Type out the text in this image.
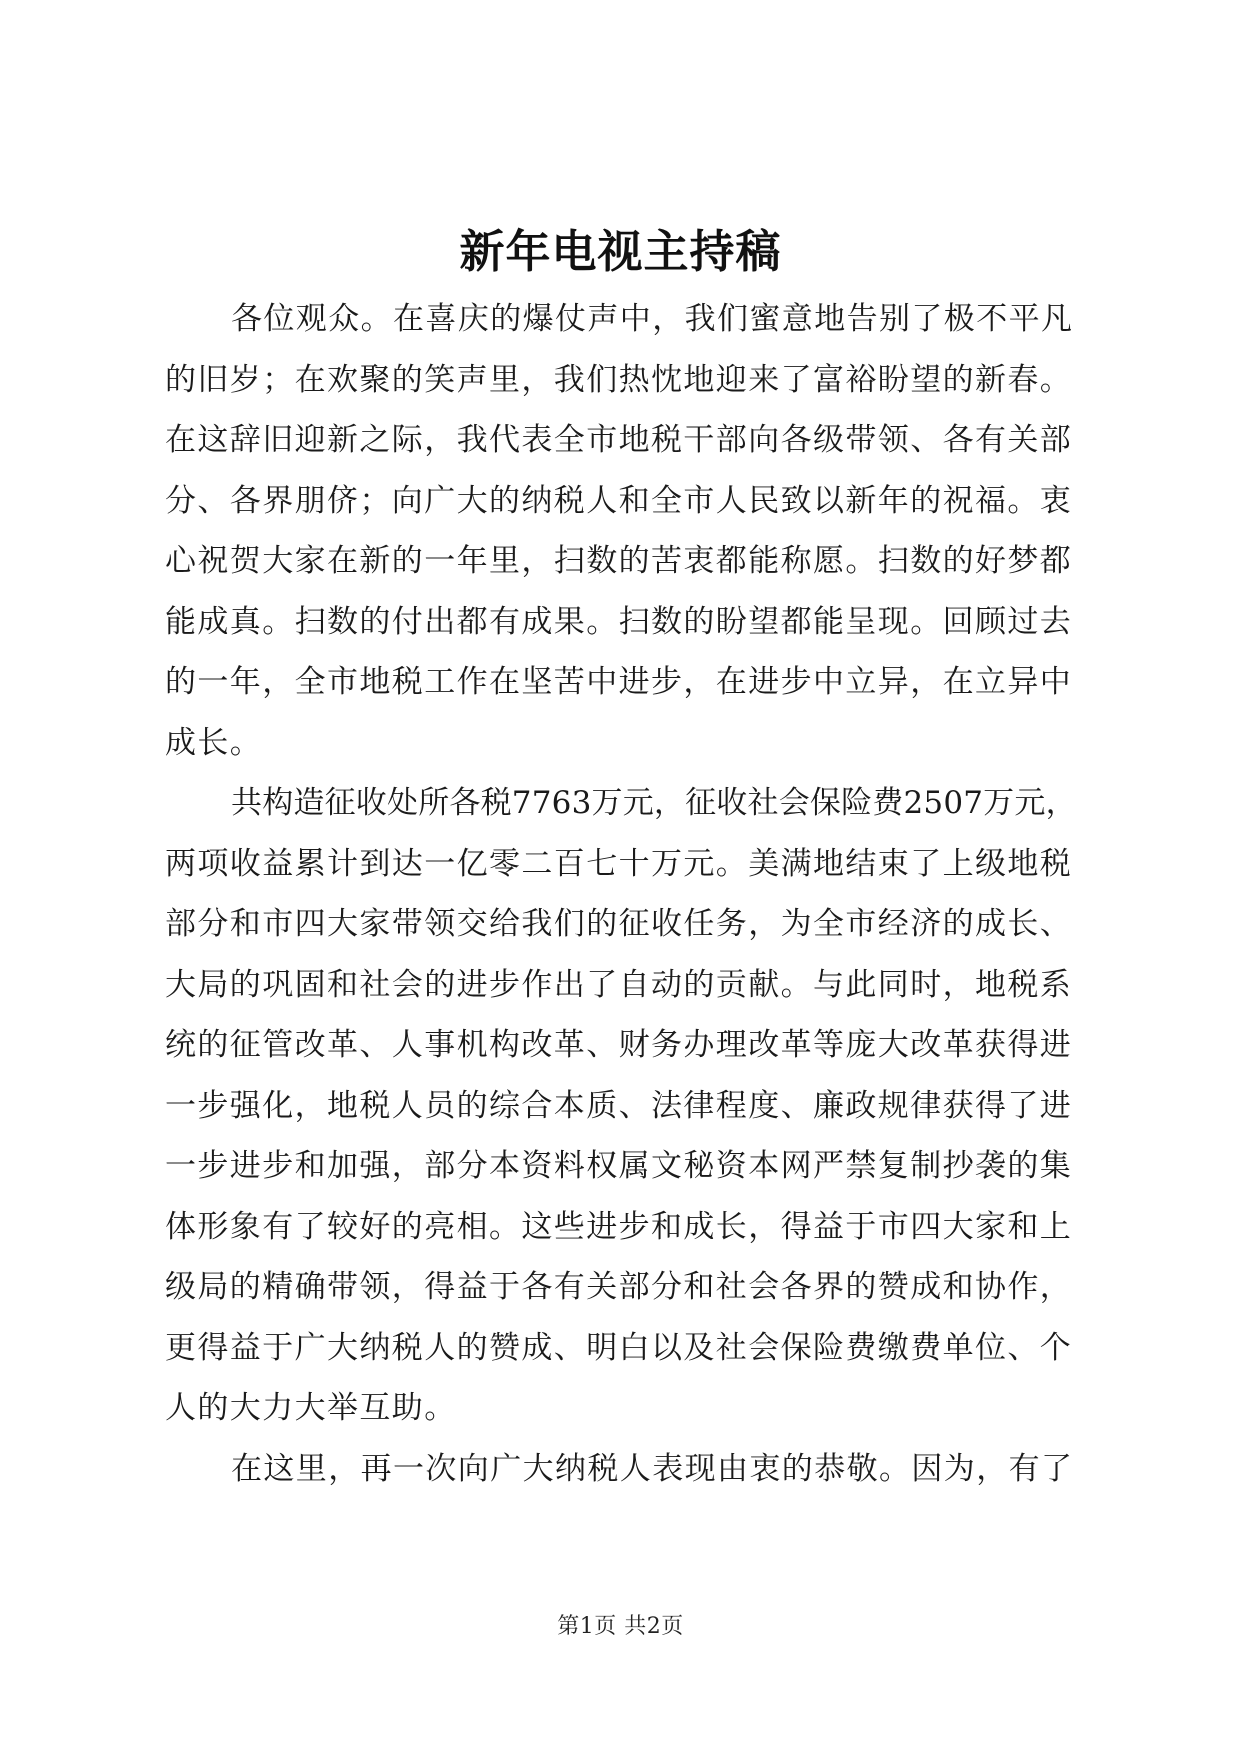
新年电视主持稿
各位观众。在喜庆的爆仗声中，我们蜜意地告别了极不平凡
的旧岁；在欢聚的笑声里，我们热忱地迎来了富裕盼望的新春。
在这辞旧迎新之际，我代表全市地税干部向各级带领、各有关部
分、各界朋侪；向广大的纳税人和全市人民致以新年的祝福。衷
心祝贺大家在新的一年里，扫数的苦衷都能称愿。扫数的好梦都
能成真。扫数的付出都有成果。扫数的盼望都能呈现。回顾过去
的一年，全市地税工作在坚苦中进步，在进步中立异，在立异中
成长。
共构造征收处所各税7763万元，征收社会保险费2507万元，
两项收益累计到达一亿零二百七十万元。美满地结束了上级地税
部分和市四大家带领交给我们的征收任务，为全市经济的成长、
大局的巩固和社会的进步作出了自动的贡献。与此同时，地税系
统的征管改革、人事机构改革、财务办理改革等庞大改革获得进
一步强化，地税人员的综合本质、法律程度、廉政规律获得了进
一步进步和加强，部分本资料权属文秘资本网严禁复制抄袭的集
体形象有了较好的亮相。这些进步和成长，得益于市四大家和上
级局的精确带领，得益于各有关部分和社会各界的赞成和协作，
更得益于广大纳税人的赞成、明白以及社会保险费缴费单位、个
人的大力大举互助。
在这里，再一次向广大纳税人表现由衷的恭敬。因为，有了
第1页 共2页
